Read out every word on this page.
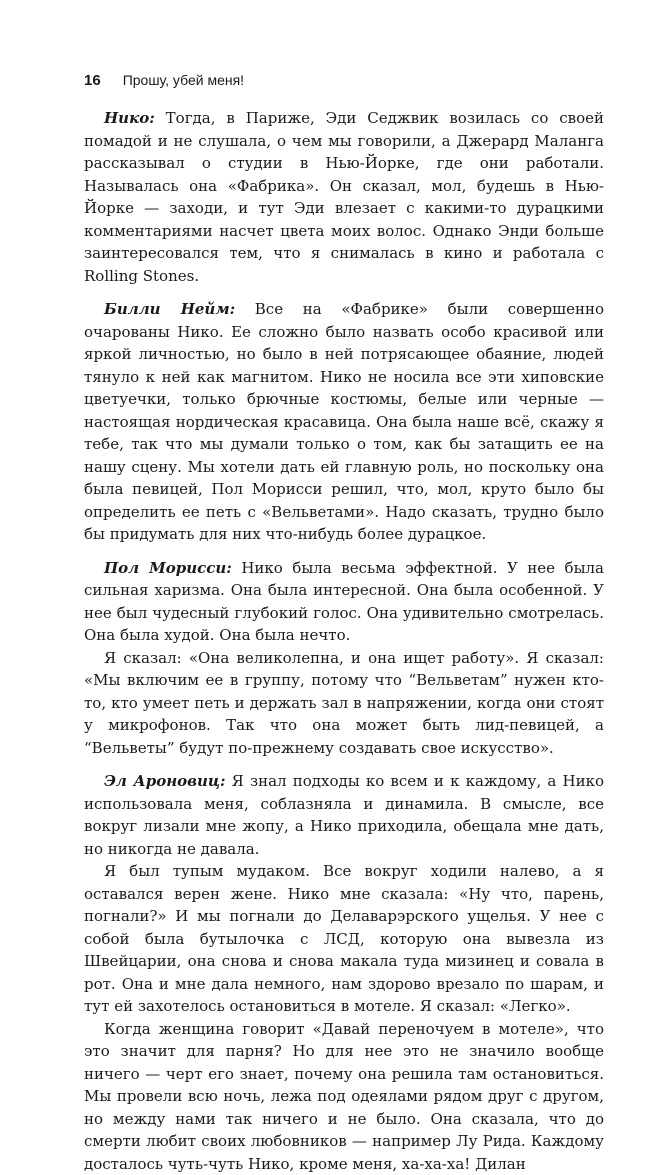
16 Прошу, убей меня!

Нико: Тогда, в Париже, Эди Седжвик возилась со своей помадой и не слушала, о чем мы говорили, а Джерард Маланга рассказывал о студии в Нью-Йорке, где они работали. Называлась она «Фабрика». Он сказал, мол, будешь в Нью-Йорке — заходи, и тут Эди влезает с какими-то дурацкими комментариями насчет цвета моих волос. Однако Энди больше заинтересовался тем, что я снималась в кино и работала с Rolling Stones.

Билли Нейм: Все на «Фабрике» были совершенно очарованы Нико. Ее сложно было назвать особо красивой или яркой личностью, но было в ней потрясающее обаяние, людей тянуло к ней как магнитом. Нико не носила все эти хиповские цветуечки, только брючные костюмы, белые или черные — настоящая нордическая красавица. Она была наше всё, скажу я тебе, так что мы думали только о том, как бы затащить ее на нашу сцену. Мы хотели дать ей главную роль, но поскольку она была певицей, Пол Морисси решил, что, мол, круто было бы определить ее петь с «Вельветами». Надо сказать, трудно было бы придумать для них что-нибудь более дурацкое.

Пол Морисси: Нико была весьма эффектной. У нее была сильная харизма. Она была интересной. Она была особенной. У нее был чудесный глубокий голос. Она удивительно смотрелась. Она была худой. Она была нечто.

Я сказал: «Она великолепна, и она ищет работу». Я сказал: «Мы включим ее в группу, потому что “Вельветам” нужен кто-то, кто умеет петь и держать зал в напряжении, когда они стоят у микрофонов. Так что она может быть лид-певицей, а “Вельветы” будут по-прежнему создавать свое искусство».

Эл Ароновиц: Я знал подходы ко всем и к каждому, а Нико использовала меня, соблазняла и динамила. В смысле, все вокруг лизали мне жопу, а Нико приходила, обещала мне дать, но никогда не давала.

Я был тупым мудаком. Все вокруг ходили налево, а я оставался верен жене. Нико мне сказала: «Ну что, парень, погнали?» И мы погнали до Делаварэрского ущелья. У нее с собой была бутылочка с ЛСД, которую она вывезла из Швейцарии, она снова и снова макала туда мизинец и совала в рот. Она и мне дала немного, нам здорово врезало по шарам, и тут ей захотелось остановиться в мотеле. Я сказал: «Легко».

Когда женщина говорит «Давай переночуем в мотеле», что это значит для парня? Но для нее это не значило вообще ничего — черт его знает, почему она решила там остановиться. Мы провели всю ночь, лежа под одеялами рядом друг с другом, но между нами так ничего и не было. Она сказала, что до смерти любит своих любовников — например Лу Рида. Каждому досталось чуть-чуть Нико, кроме меня, ха-ха-ха! Дилан
